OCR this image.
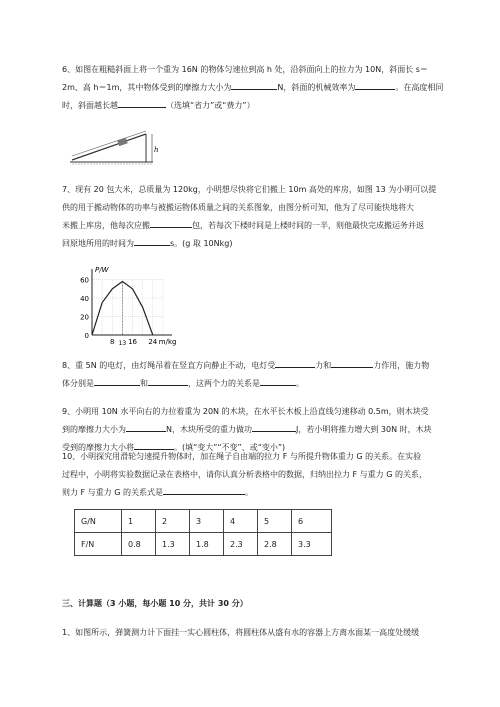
6、如图在粗糙斜面上将一个重为 16N 的物体匀速拉到高 h 处，沿斜面向上的拉力为 10N，斜面长 s＝
2m、高 h＝1m，其中物体受到的摩擦力大小为	N，斜面的机械效率为	。在高度相同
时，斜面越长越	（选填“省力”或“费力”）
h
7、现有 20 包大米，总质量为 120kg，小明想尽快将它们搬上 10m 高处的库房，如图 13 为小明可以提
供的用于搬动物体的功率与被搬运物体质量之间的关系图象，由图分析可知，他为了尽可能快地将大
米搬上库房，他每次应搬	包，若每次下楼时间是上楼时间的一半，则他最快完成搬运务并返
回原地所用的时间为	s。(g 取 10Nkg)
60
40
20
0
8 16 24
13
P/W
m/kg
8、重 5N 的电灯，由灯绳吊着在竖直方向静止不动，电灯受	力和	力作用，施力物
体分别是	和	，这两个力的关系是	。
9、小明用 10N 水平向右的力拉着重为 20N 的木块，在水平长木板上沿直线匀速移动 0.5m，则木块受
到的摩擦力大小为	N，木块所受的重力做功	J，若小明将推力增大到 30N 时，木块
受到的摩擦力大小将	。(填“变大”“不变”、或“变小”)
10、小明探究用滑轮匀速提升物体时，加在绳子自由端的拉力 F 与所提升物体重力 G 的关系。在实验
过程中，小明将实验数据记录在表格中，请你认真分析表格中的数据，归纳出拉力 F 与重力 G 的关系，
则力 F 与重力 G 的关系式是	。
G/N	1	2	3	4	5	6
F/N	0.8	1.3	1.8	2.3	2.8	3.3
三、计算题（3 小题，每小题 10 分，共计 30 分）
1、如图所示，弹簧测力计下面挂一实心圆柱体，将圆柱体从盛有水的容器上方离水面某一高度处缓缓
